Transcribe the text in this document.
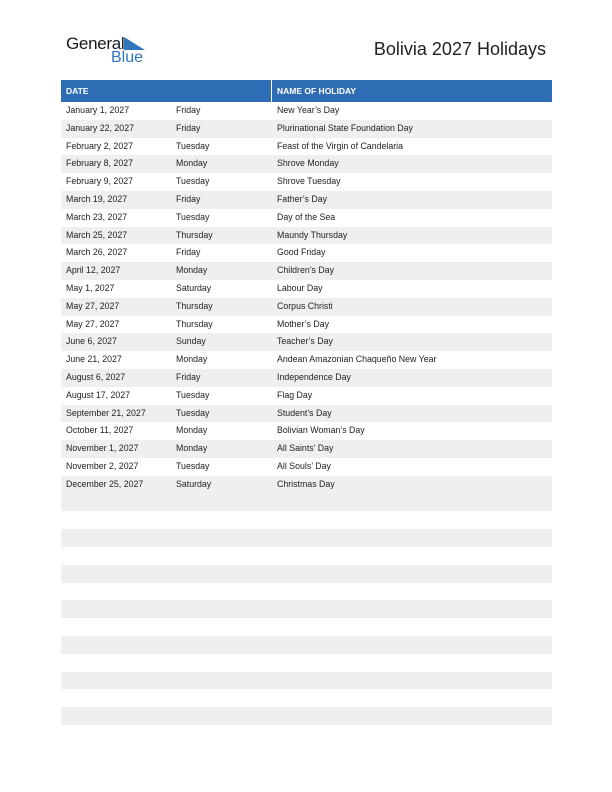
General
Blue	Bolivia 2027 Holidays
DATE	NAME OF HOLIDAY
January 1, 2027	Friday	New Year’s Day
January 22, 2027	Friday	Plurinational State Foundation Day
February 2, 2027	Tuesday	Feast of the Virgin of Candelaria
February 8, 2027	Monday	Shrove Monday
February 9, 2027	Tuesday	Shrove Tuesday
March 19, 2027	Friday	Father’s Day
March 23, 2027	Tuesday	Day of the Sea
March 25, 2027	Thursday	Maundy Thursday
March 26, 2027	Friday	Good Friday
April 12, 2027	Monday	Children’s Day
May 1, 2027	Saturday	Labour Day
May 27, 2027	Thursday	Corpus Christi
May 27, 2027	Thursday	Mother’s Day
June 6, 2027	Sunday	Teacher’s Day
June 21, 2027	Monday	Andean Amazonian Chaqueño New Year
August 6, 2027	Friday	Independence Day
August 17, 2027	Tuesday	Flag Day
September 21, 2027	Tuesday	Student’s Day
October 11, 2027	Monday	Bolivian Woman’s Day
November 1, 2027	Monday	All Saints’ Day
November 2, 2027	Tuesday	All Souls’ Day
December 25, 2027	Saturday	Christmas Day
